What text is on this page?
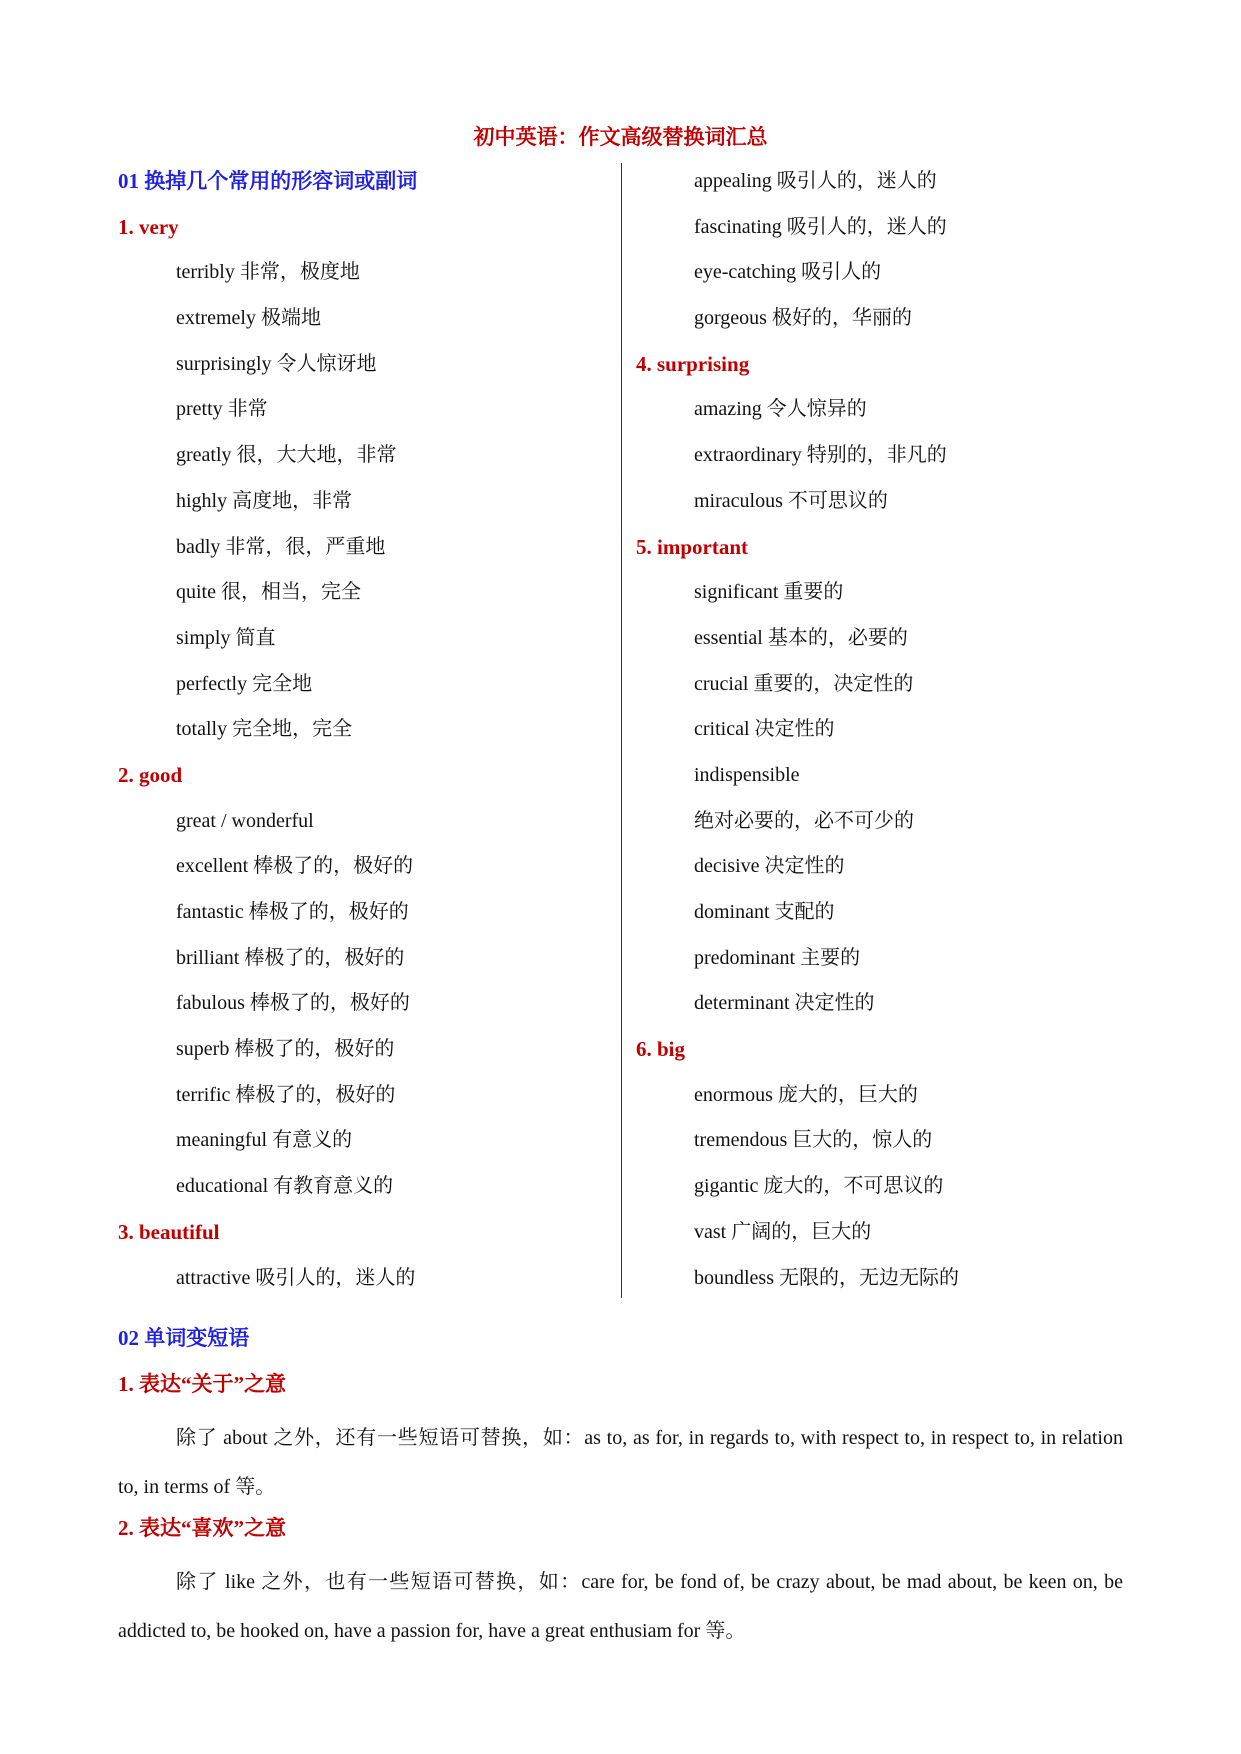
初中英语：作文高级替换词汇总
01 换掉几个常用的形容词或副词
1. very
terribly 非常，极度地
extremely 极端地
surprisingly 令人惊讶地
pretty 非常
greatly 很，大大地，非常
highly 高度地，非常
badly 非常，很，严重地
quite 很，相当，完全
simply 简直
perfectly 完全地
totally 完全地，完全
2. good
great / wonderful
excellent 棒极了的，极好的
fantastic 棒极了的，极好的
brilliant 棒极了的，极好的
fabulous 棒极了的，极好的
superb 棒极了的，极好的
terrific 棒极了的，极好的
meaningful 有意义的
educational 有教育意义的
3. beautiful
attractive 吸引人的，迷人的
appealing 吸引人的，迷人的
fascinating 吸引人的，迷人的
eye-catching 吸引人的
gorgeous 极好的，华丽的
4. surprising
amazing 令人惊异的
extraordinary 特别的，非凡的
miraculous 不可思议的
5. important
significant 重要的
essential 基本的，必要的
crucial 重要的，决定性的
critical 决定性的
indispensible
绝对必要的，必不可少的
decisive 决定性的
dominant 支配的
predominant 主要的
determinant 决定性的
6. big
enormous 庞大的，巨大的
tremendous 巨大的，惊人的
gigantic 庞大的，不可思议的
vast 广阔的，巨大的
boundless 无限的，无边无际的
02 单词变短语
1. 表达“关于”之意
除了 about 之外，还有一些短语可替换，如：as to, as for, in regards to, with respect to, in respect to, in relation to, in terms of 等。
2. 表达“喜欢”之意
除了 like 之外，也有一些短语可替换，如：care for, be fond of, be crazy about, be mad about, be keen on, be addicted to, be hooked on, have a passion for, have a great enthusiam for 等。
